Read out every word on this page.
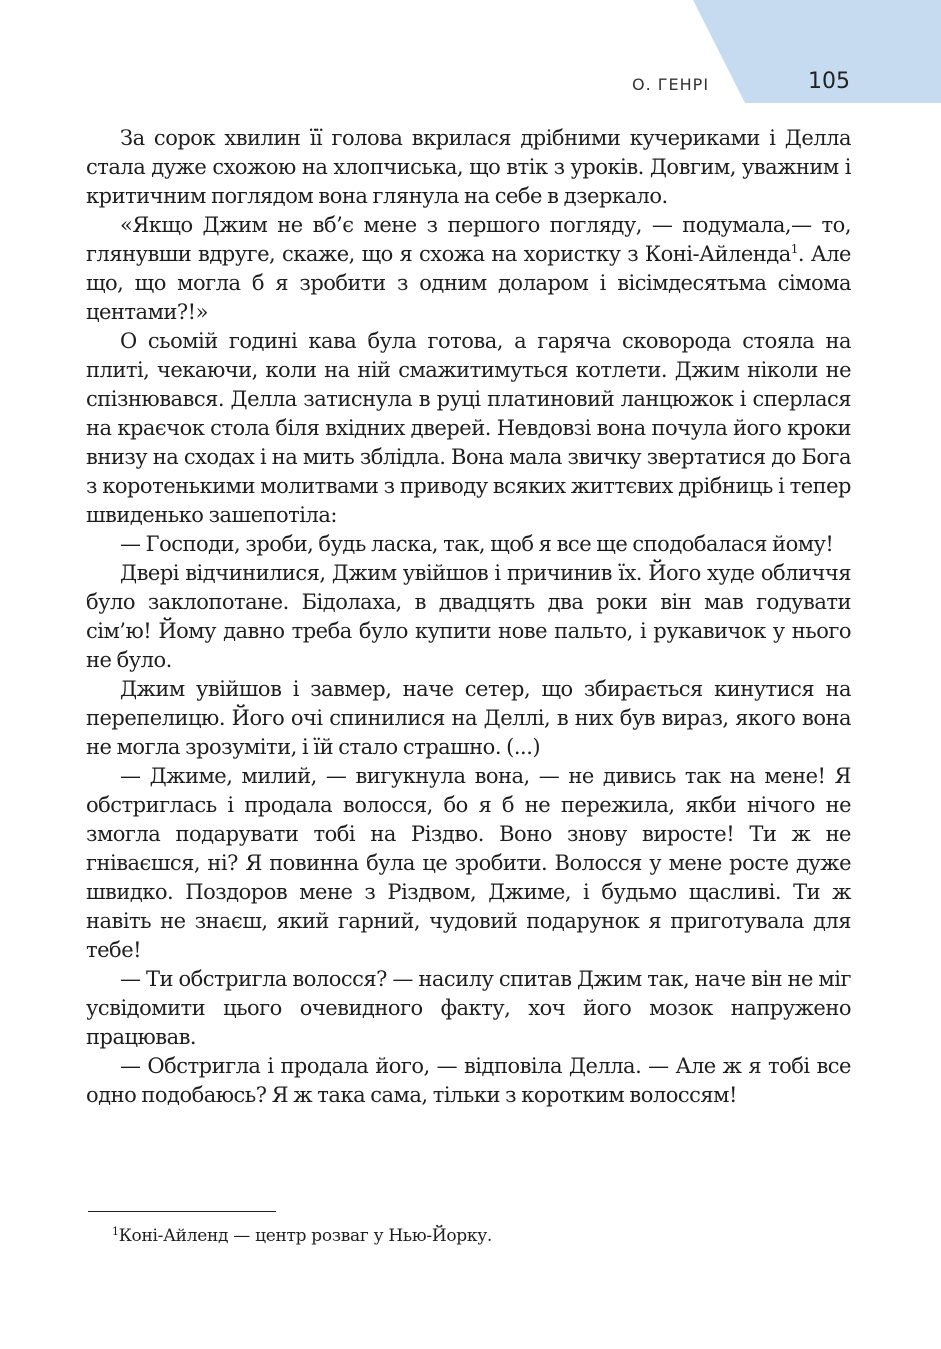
О. ГЕНРІ	105

За сорок хвилин її голова вкрилася дрібними кучериками і Делла стала дуже схожою на хлопчиська, що втік з уроків. Довгим, уважним і критичним поглядом вона глянула на себе в дзеркало.

«Якщо Джим не вб’є мене з першого погляду, — подумала,— то, глянувши вдруге, скаже, що я схожа на хористку з Коні-Айленда$^1$. Але що, що могла б я зробити з одним доларом і вісімдесятьма сімома центами?!»

О сьомій годині кава була готова, а гаряча сковорода стояла на плиті, чекаючи, коли на ній смажитимуться котлети. Джим ніколи не спізнювався. Делла затиснула в руці платиновий ланцюжок і сперлася на краєчок стола біля вхідних дверей. Невдовзі вона почула його кроки внизу на сходах і на мить зблідла. Вона мала звичку звертатися до Бога з коротенькими молитвами з приводу всяких життєвих дрібниць і тепер швиденько зашепотіла:

— Господи, зроби, будь ласка, так, щоб я все ще сподобалася йому!

Двері відчинилися, Джим увійшов і причинив їх. Його худе обличчя було заклопотане. Бідолаха, в двадцять два роки він мав годувати сім’ю! Йому давно треба було купити нове пальто, і рукавичок у нього не було.

Джим увійшов і завмер, наче сетер, що збирається кинутися на перепелицю. Його очі спинилися на Деллі, в них був вираз, якого вона не могла зрозуміти, і їй стало страшно. (...)

— Джиме, милий, — вигукнула вона, — не дивись так на мене! Я обстриглась і продала волосся, бо я б не пережила, якби нічого не змогла подарувати тобі на Різдво. Воно знову виросте! Ти ж не гніваєшся, ні? Я повинна була це зробити. Волосся у мене росте дуже швидко. Поздоров мене з Різдвом, Джиме, і будьмо щасливі. Ти ж навіть не знаєш, який гарний, чудовий подарунок я приготувала для тебе!

— Ти обстригла волосся? — насилу спитав Джим так, наче він не міг усвідомити цього очевидного факту, хоч його мозок напружено працював.

— Обстригла і продала його, — відповіла Делла. — Але ж я тобі все одно подобаюсь? Я ж така сама, тільки з коротким волоссям!

$^1$Коні-Айленд — центр розваг у Нью-Йорку.
